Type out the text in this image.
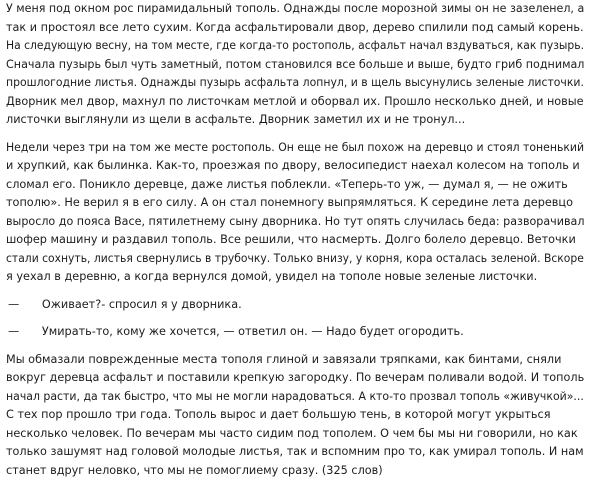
У меня под окном рос пирамидальный тополь. Однажды после морозной зимы он не зазеленел, а
так и простоял все лето сухим. Когда асфальтировали двор, дерево спилили под самый корень.
На следующую весну, на том месте, где когда-то ростополь, асфальт начал вздуваться, как пузырь.
Сначала пузырь был чуть заметный, потом становился все больше и выше, будто гриб поднимал
прошлогодние листья. Однажды пузырь асфальта лопнул, и в щель высунулись зеленые листочки.
Дворник мел двор, махнул по листочкам метлой и оборвал их. Прошло несколько дней, и новые
листочки выглянули из щели в асфальте. Дворник заметил их и не тронул...
Недели через три на том же месте ростополь. Он еще не был похож на деревцо и стоял тоненький
и хрупкий, как былинка. Как-то, проезжая по двору, велосипедист наехал колесом на тополь и
сломал его. Поникло деревце, даже листья поблекли. «Теперь-то уж, — думал я, — не ожить
тополю». Не верил я в его силу. А он стал понемногу выпрямляться. К середине лета деревцо
выросло до пояса Васе, пятилетнему сыну дворника. Но тут опять случилась беда: разворачивал
шофер машину и раздавил тополь. Все решили, что насмерть. Долго болело деревцо. Веточки
стали сохнуть, листья свернулись в трубочку. Только внизу, у корня, кора осталась зеленой. Вскоре
я уехал в деревню, а когда вернулся домой, увидел на тополе новые зеленые листочки.
—	Оживает?- спросил я у дворника.
—	Умирать-то, кому же хочется, — ответил он. — Надо будет огородить.
Мы обмазали поврежденные места тополя глиной и завязали тряпками, как бинтами, сняли
вокруг деревца асфальт и поставили крепкую загородку. По вечерам поливали водой. И тополь
начал расти, да так быстро, что мы не могли нарадоваться. А кто-то прозвал тополь «живучкой»...
С тех пор прошло три года. Тополь вырос и дает большую тень, в которой могут укрыться
несколько человек. По вечерам мы часто сидим под тополем. О чем бы мы ни говорили, но как
только зашумят над головой молодые листья, так и вспомним про то, как умирал тополь. И нам
станет вдруг неловко, что мы не помоглиему сразу. (325 слов)
